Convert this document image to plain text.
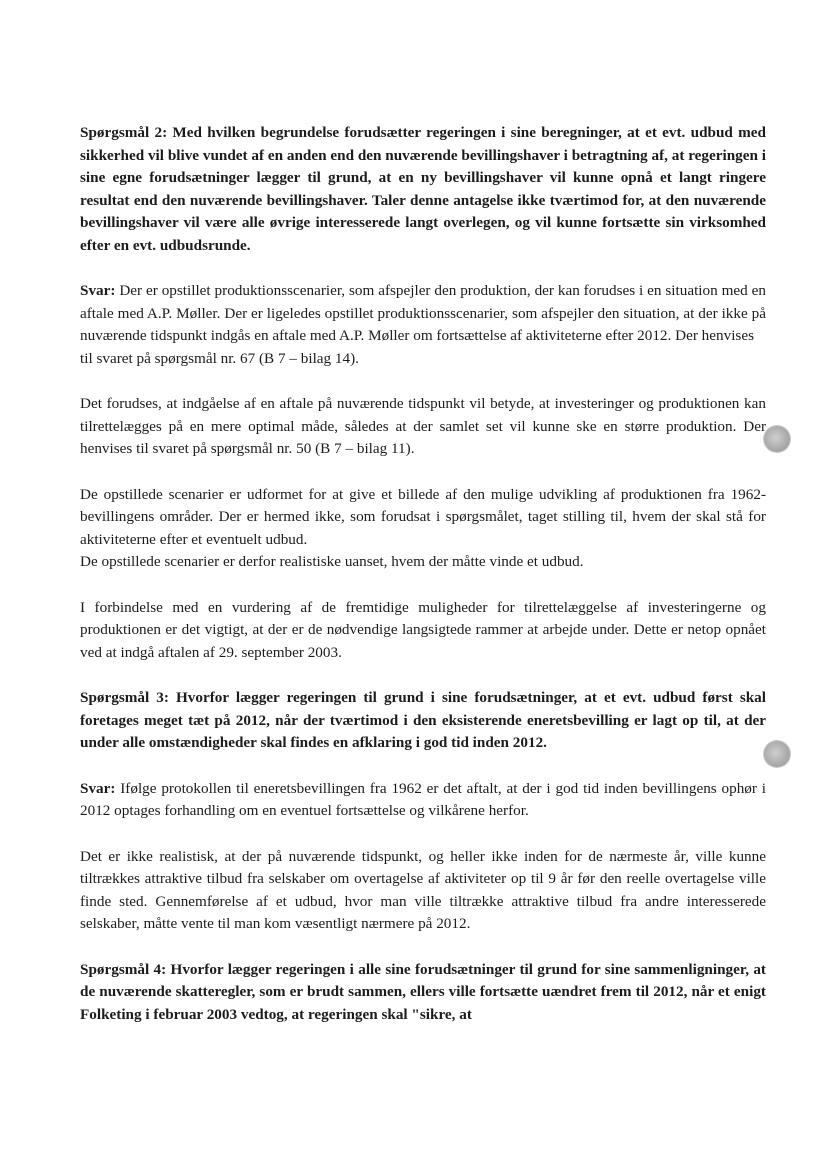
Spørgsmål 2: Med hvilken begrundelse forudsætter regeringen i sine beregninger, at et evt. udbud med sikkerhed vil blive vundet af en anden end den nuværende bevillingshaver i betragtning af, at regeringen i sine egne forudsætninger lægger til grund, at en ny bevillingshaver vil kunne opnå et langt ringere resultat end den nuværende bevillingshaver. Taler denne antagelse ikke tværtimod for, at den nuværende bevillingshaver vil være alle øvrige interesserede langt overlegen, og vil kunne fortsætte sin virksomhed efter en evt. udbudsrunde.

Svar: Der er opstillet produktionsscenarier, som afspejler den produktion, der kan forudses i en situation med en aftale med A.P. Møller. Der er ligeledes opstillet produktionsscenarier, som afspejler den situation, at der ikke på nuværende tidspunkt indgås en aftale med A.P. Møller om fortsættelse af aktiviteterne efter 2012. Der henvises

til svaret på spørgsmål nr. 67 (B 7 – bilag 14).

Det forudses, at indgåelse af en aftale på nuværende tidspunkt vil betyde, at investeringer og produktionen kan tilrettelægges på en mere optimal måde, således at der samlet set vil kunne ske en større produktion. Der henvises til svaret på spørgsmål nr. 50 (B 7 – bilag 11).

De opstillede scenarier er udformet for at give et billede af den mulige udvikling af produktionen fra 1962-bevillingens områder. Der er hermed ikke, som forudsat i spørgsmålet, taget stilling til, hvem der skal stå for aktiviteterne efter et eventuelt udbud.

De opstillede scenarier er derfor realistiske uanset, hvem der måtte vinde et udbud.

I forbindelse med en vurdering af de fremtidige muligheder for tilrettelæggelse af investeringerne og produktionen er det vigtigt, at der er de nødvendige langsigtede rammer at arbejde under. Dette er netop opnået ved at indgå aftalen af 29. september 2003.

Spørgsmål 3: Hvorfor lægger regeringen til grund i sine forudsætninger, at et evt. udbud først skal foretages meget tæt på 2012, når der tværtimod i den eksisterende eneretsbevilling er lagt op til, at der under alle omstændigheder skal findes en afklaring i god tid inden 2012.

Svar: Ifølge protokollen til eneretsbevillingen fra 1962 er det aftalt, at der i god tid inden bevillingens ophør i 2012 optages forhandling om en eventuel fortsættelse og vilkårene herfor.

Det er ikke realistisk, at der på nuværende tidspunkt, og heller ikke inden for de nærmeste år, ville kunne tiltrækkes attraktive tilbud fra selskaber om overtagelse af aktiviteter op til 9 år før den reelle overtagelse ville finde sted. Gennemførelse af et udbud, hvor man ville tiltrække attraktive tilbud fra andre interesserede selskaber, måtte vente til man kom væsentligt nærmere på 2012.

Spørgsmål 4: Hvorfor lægger regeringen i alle sine forudsætninger til grund for sine sammenligninger, at de nuværende skatteregler, som er brudt sammen, ellers ville fortsætte uændret frem til 2012, når et enigt Folketing i februar 2003 vedtog, at regeringen skal "sikre, at
